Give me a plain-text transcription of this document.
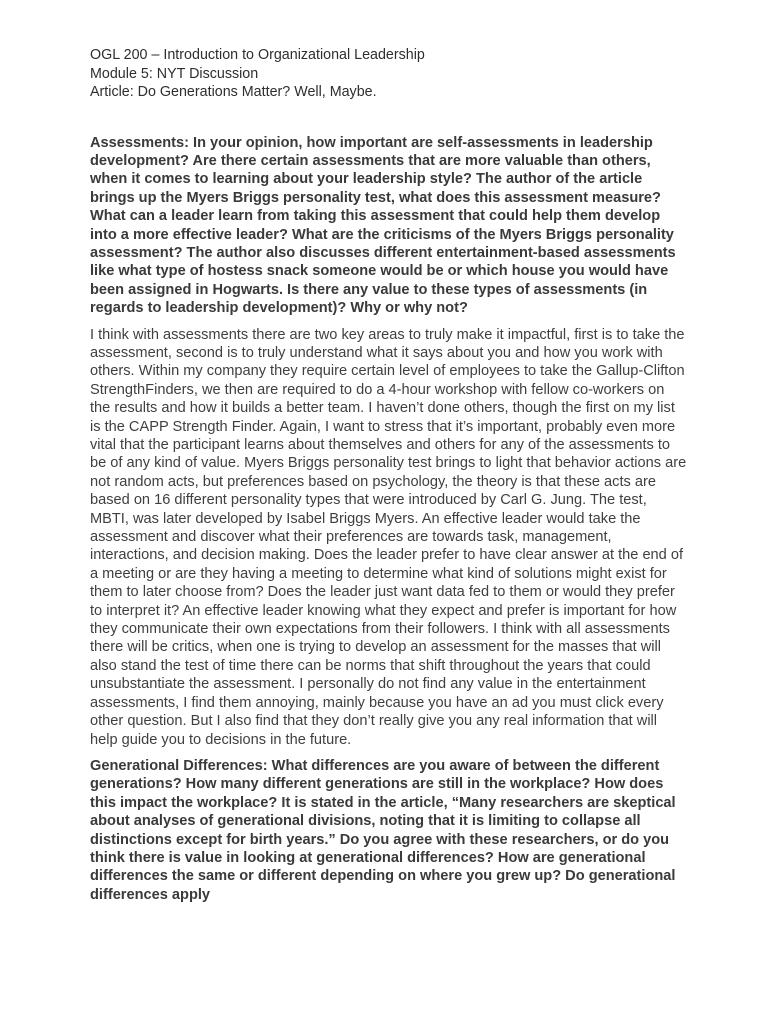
OGL 200 – Introduction to Organizational Leadership
Module 5: NYT Discussion
Article: Do Generations Matter? Well, Maybe.

Assessments: In your opinion, how important are self-assessments in leadership development? Are there certain assessments that are more valuable than others, when it comes to learning about your leadership style? The author of the article brings up the Myers Briggs personality test, what does this assessment measure? What can a leader learn from taking this assessment that could help them develop into a more effective leader? What are the criticisms of the Myers Briggs personality assessment? The author also discusses different entertainment-based assessments like what type of hostess snack someone would be or which house you would have been assigned in Hogwarts. Is there any value to these types of assessments (in regards to leadership development)? Why or why not?

I think with assessments there are two key areas to truly make it impactful, first is to take the assessment, second is to truly understand what it says about you and how you work with others. Within my company they require certain level of employees to take the Gallup-Clifton StrengthFinders, we then are required to do a 4-hour workshop with fellow co-workers on the results and how it builds a better team. I haven’t done others, though the first on my list is the CAPP Strength Finder. Again, I want to stress that it’s important, probably even more vital that the participant learns about themselves and others for any of the assessments to be of any kind of value. Myers Briggs personality test brings to light that behavior actions are not random acts, but preferences based on psychology, the theory is that these acts are based on 16 different personality types that were introduced by Carl G. Jung. The test, MBTI, was later developed by Isabel Briggs Myers. An effective leader would take the assessment and discover what their preferences are towards task, management, interactions, and decision making. Does the leader prefer to have clear answer at the end of a meeting or are they having a meeting to determine what kind of solutions might exist for them to later choose from? Does the leader just want data fed to them or would they prefer to interpret it? An effective leader knowing what they expect and prefer is important for how they communicate their own expectations from their followers. I think with all assessments there will be critics, when one is trying to develop an assessment for the masses that will also stand the test of time there can be norms that shift throughout the years that could unsubstantiate the assessment. I personally do not find any value in the entertainment assessments, I find them annoying, mainly because you have an ad you must click every other question. But I also find that they don’t really give you any real information that will help guide you to decisions in the future.

Generational Differences: What differences are you aware of between the different generations? How many different generations are still in the workplace? How does this impact the workplace? It is stated in the article, “Many researchers are skeptical about analyses of generational divisions, noting that it is limiting to collapse all distinctions except for birth years.” Do you agree with these researchers, or do you think there is value in looking at generational differences? How are generational differences the same or different depending on where you grew up? Do generational differences apply
